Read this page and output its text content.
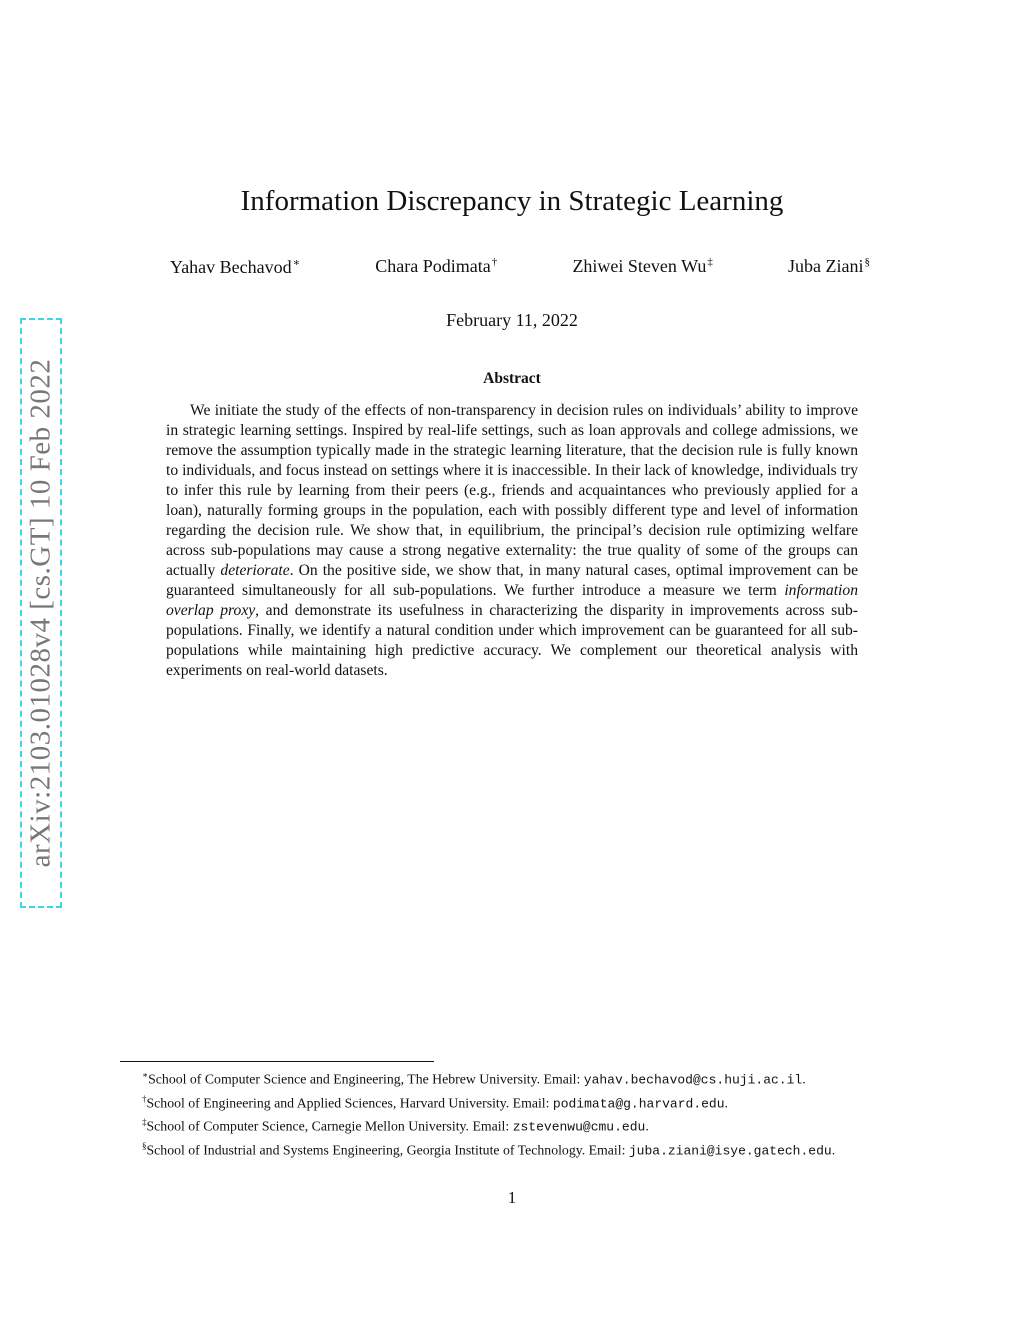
arXiv:2103.01028v4 [cs.GT] 10 Feb 2022
Information Discrepancy in Strategic Learning
Yahav Bechavod∗	Chara Podimata†	Zhiwei Steven Wu‡	Juba Ziani§
February 11, 2022
Abstract

We initiate the study of the effects of non-transparency in decision rules on individuals’ ability to improve in strategic learning settings. Inspired by real-life settings, such as loan approvals and college admissions, we remove the assumption typically made in the strategic learning literature, that the decision rule is fully known to individuals, and focus instead on settings where it is inaccessible. In their lack of knowledge, individuals try to infer this rule by learning from their peers (e.g., friends and acquaintances who previously applied for a loan), naturally forming groups in the population, each with possibly different type and level of information regarding the decision rule. We show that, in equilibrium, the principal’s decision rule optimizing welfare across sub-populations may cause a strong negative externality: the true quality of some of the groups can actually deteriorate. On the positive side, we show that, in many natural cases, optimal improvement can be guaranteed simultaneously for all sub-populations. We further introduce a measure we term information overlap proxy, and demonstrate its usefulness in characterizing the disparity in improvements across sub-populations. Finally, we identify a natural condition under which improvement can be guaranteed for all sub-populations while maintaining high predictive accuracy. We complement our theoretical analysis with experiments on real-world datasets.

∗School of Computer Science and Engineering, The Hebrew University. Email: yahav.bechavod@cs.huji.ac.il.

†School of Engineering and Applied Sciences, Harvard University. Email: podimata@g.harvard.edu.

‡School of Computer Science, Carnegie Mellon University. Email: zstevenwu@cmu.edu.

§School of Industrial and Systems Engineering, Georgia Institute of Technology. Email: juba.ziani@isye.gatech.edu.

1
